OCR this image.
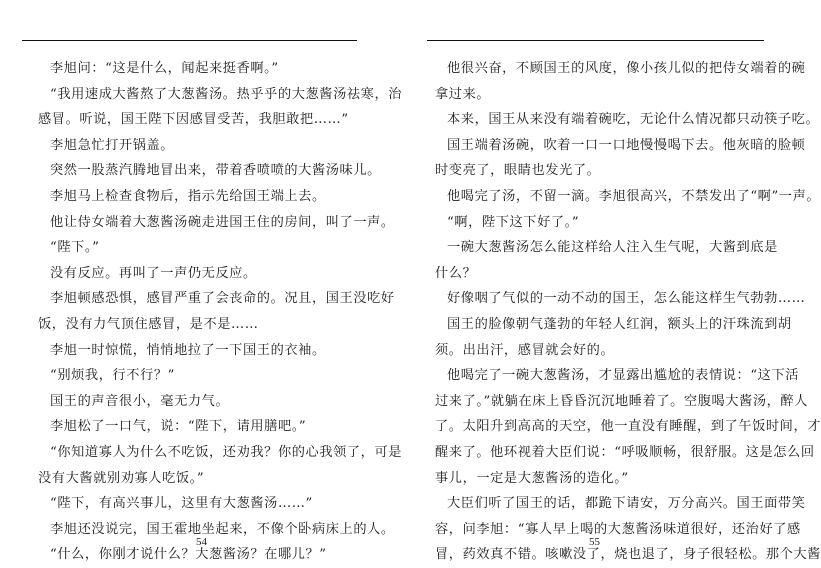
李旭问：“这是什么，闻起来挺香啊。”
“我用速成大酱熬了大葱酱汤。热乎乎的大葱酱汤祛寒，治
感冒。听说，国王陛下因感冒受苦，我胆敢把……”
李旭急忙打开锅盖。
突然一股蒸汽腾地冒出来，带着香喷喷的大酱汤味儿。
李旭马上检查食物后，指示先给国王端上去。
他让侍女端着大葱酱汤碗走进国王住的房间，叫了一声。
“陛下。”
没有反应。再叫了一声仍无反应。
李旭顿感恐惧，感冒严重了会丧命的。况且，国王没吃好
饭，没有力气顶住感冒，是不是……
李旭一时惊慌，悄悄地拉了一下国王的衣袖。
“别烦我，行不行？”
国王的声音很小，毫无力气。
李旭松了一口气，说：“陛下，请用膳吧。”
“你知道寡人为什么不吃饭，还劝我？你的心我领了，可是
没有大酱就别劝寡人吃饭。”
“陛下，有高兴事儿，这里有大葱酱汤……”
李旭还没说完，国王霍地坐起来，不像个卧病床上的人。
“什么，你刚才说什么？大葱酱汤？在哪儿？”
54
他很兴奋，不顾国王的风度，像小孩儿似的把侍女端着的碗
拿过来。
本来，国王从来没有端着碗吃，无论什么情况都只动筷子吃。
国王端着汤碗，吹着一口一口地慢慢喝下去。他灰暗的脸顿
时变亮了，眼睛也发光了。
他喝完了汤，不留一滴。李旭很高兴，不禁发出了“啊”一声。
“啊，陛下这下好了。”
一碗大葱酱汤怎么能这样给人注入生气呢，大酱到底是
什么？
好像咽了气似的一动不动的国王，怎么能这样生气勃勃……
国王的脸像朝气蓬勃的年轻人红润，额头上的汗珠流到胡
须。出出汗，感冒就会好的。
他喝完了一碗大葱酱汤，才显露出尴尬的表情说：“这下活
过来了。”就躺在床上昏昏沉沉地睡着了。空腹喝大酱汤，醉人
了。太阳升到高高的天空，他一直没有睡醒，到了午饭时间，才
醒来了。他环视着大臣们说：“呼吸顺畅，很舒服。这是怎么回
事儿，一定是大葱酱汤的造化。”
大臣们听了国王的话，都跪下请安，万分高兴。国王面带笑
容，问李旭：“寡人早上喝的大葱酱汤味道很好，还治好了感
冒，药效真不错。咳嗽没了，烧也退了，身子很轻松。那个大酱
55
